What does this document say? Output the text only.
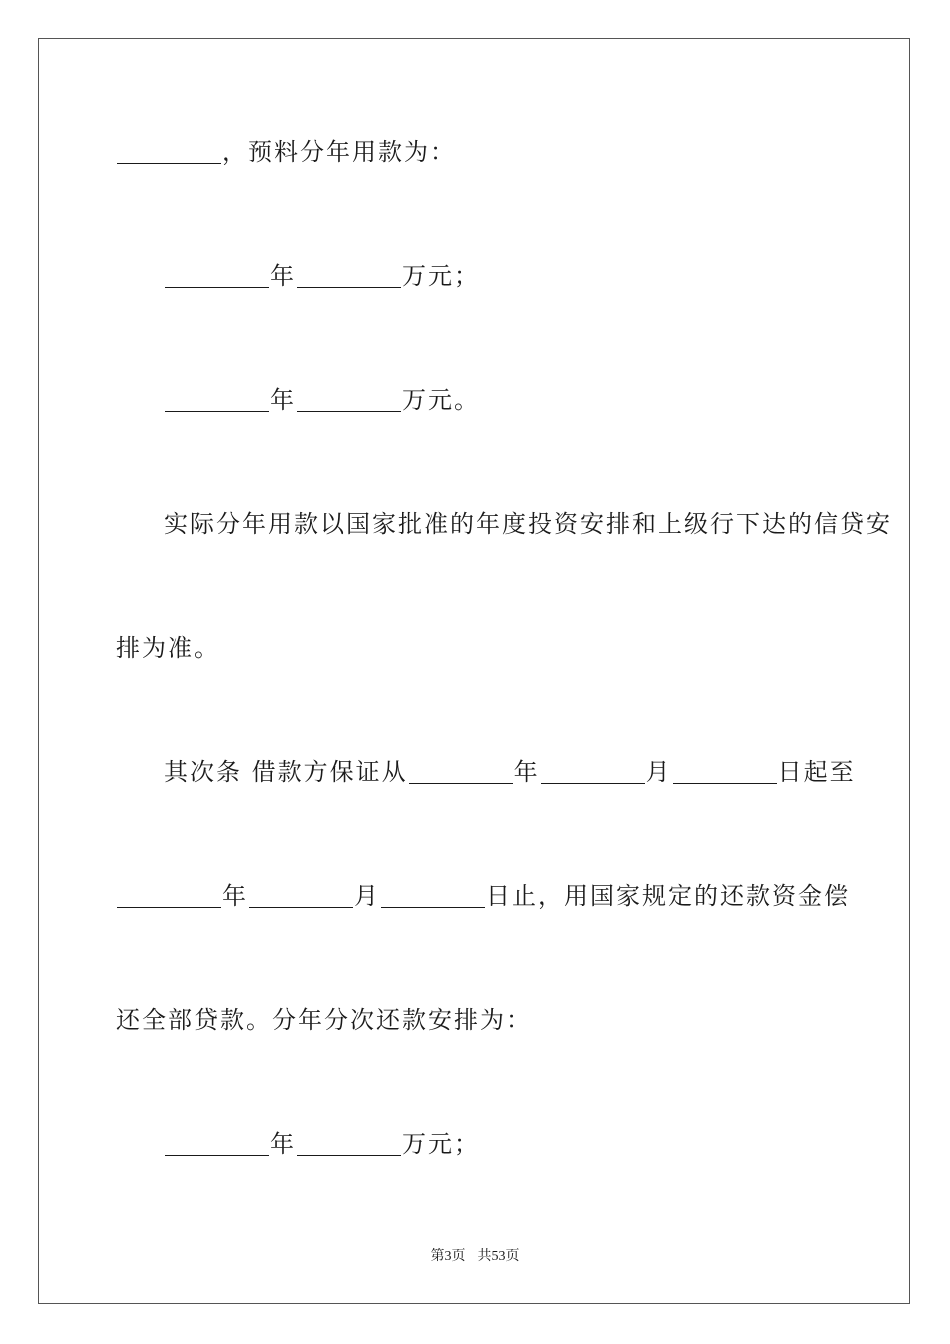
，预料分年用款为：
年	万元；
年	万元。
实际分年用款以国家批准的年度投资安排和上级行下达的信贷安
排为准。
其次条 借款方保证从	年	月	日起至
年	月	日止，用国家规定的还款资金偿
还全部贷款。分年分次还款安排为：
年	万元；
第3页 共53页
